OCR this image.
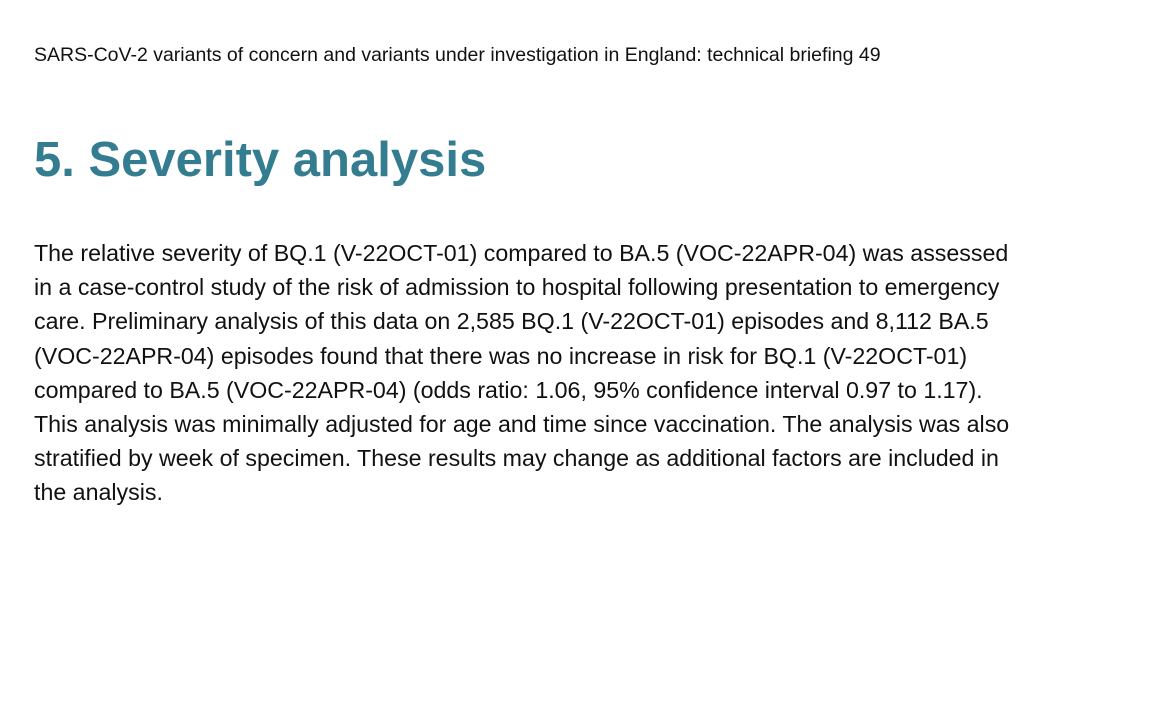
SARS-CoV-2 variants of concern and variants under investigation in England: technical briefing 49
5. Severity analysis

The relative severity of BQ.1 (V-22OCT-01) compared to BA.5 (VOC-22APR-04) was assessed
in a case-control study of the risk of admission to hospital following presentation to emergency
care. Preliminary analysis of this data on 2,585 BQ.1 (V-22OCT-01) episodes and 8,112 BA.5
(VOC-22APR-04) episodes found that there was no increase in risk for BQ.1 (V-22OCT-01)
compared to BA.5 (VOC-22APR-04) (odds ratio: 1.06, 95% confidence interval 0.97 to 1.17).
This analysis was minimally adjusted for age and time since vaccination. The analysis was also
stratified by week of specimen. These results may change as additional factors are included in
the analysis.
